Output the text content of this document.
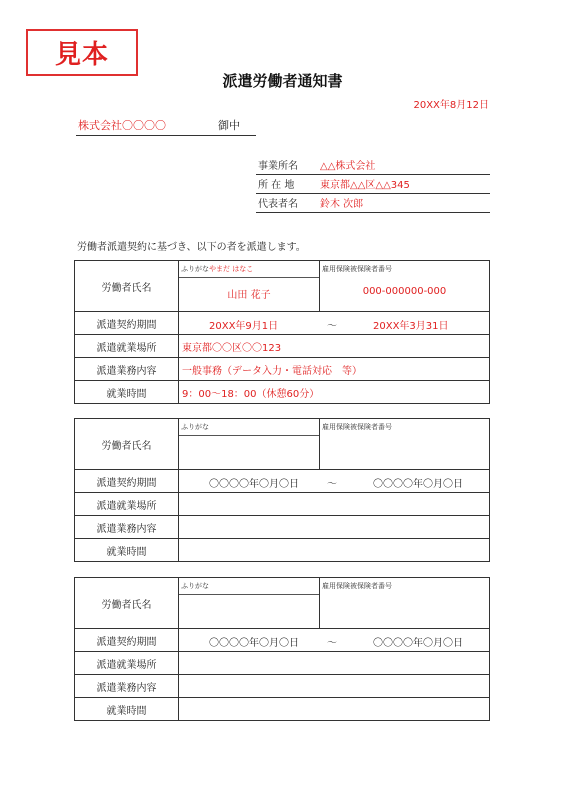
見本
派遣労働者通知書
20XX年8月12日
株式会社〇〇〇〇	御中
事業所名 △△株式会社
所 在 地	東京都△△区△△345
代表者名 鈴木 次郎
労働者派遣契約に基づき、以下の者を派遣します。
労働者氏名	ふりがな やまだ はなこ
山田 花子
雇用保険被保険者番号
000-000000-000

派遣契約期間	20XX年9月1日 ～ 20XX年3月31日

派遣就業場所	東京都〇〇区〇〇123
派遣業務内容	一般事務（データ入力・電話対応　等）
就業時間	9：00～18：00（休憩60分）
労働者氏名	ふりがな 雇用保険被保険者番号

派遣契約期間	〇〇〇〇年〇月〇日 ～ 〇〇〇〇年〇月〇日

派遣就業場所	
派遣業務内容	
就業時間	
労働者氏名	ふりがな 雇用保険被保険者番号

派遣契約期間	〇〇〇〇年〇月〇日 ～ 〇〇〇〇年〇月〇日

派遣就業場所	
派遣業務内容	
就業時間	
